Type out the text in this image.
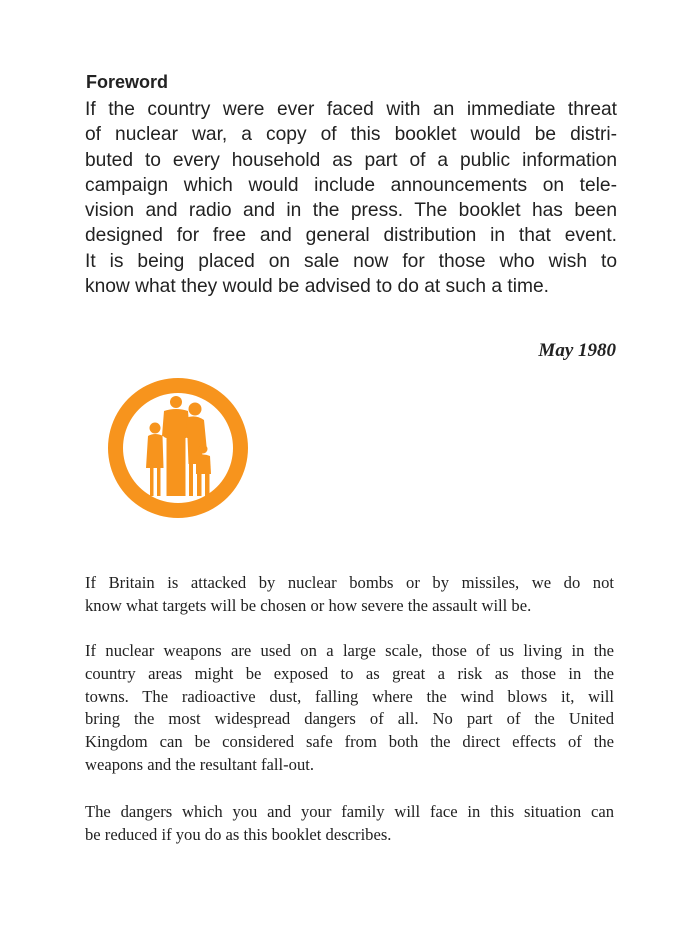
Foreword
If the country were ever faced with an immediate threat
of nuclear war, a copy of this booklet would be distri-
buted to every household as part of a public information
campaign which would include announcements on tele-
vision and radio and in the press. The booklet has been
designed for free and general distribution in that event.
It is being placed on sale now for those who wish to
know what they would be advised to do at such a time.
May 1980
If Britain is attacked by nuclear bombs or by missiles, we do not
know what targets will be chosen or how severe the assault will be.
If nuclear weapons are used on a large scale, those of us living in the
country areas might be exposed to as great a risk as those in the
towns. The radioactive dust, falling where the wind blows it, will
bring the most widespread dangers of all. No part of the United
Kingdom can be considered safe from both the direct effects of the
weapons and the resultant fall-out.
The dangers which you and your family will face in this situation can
be reduced if you do as this booklet describes.
